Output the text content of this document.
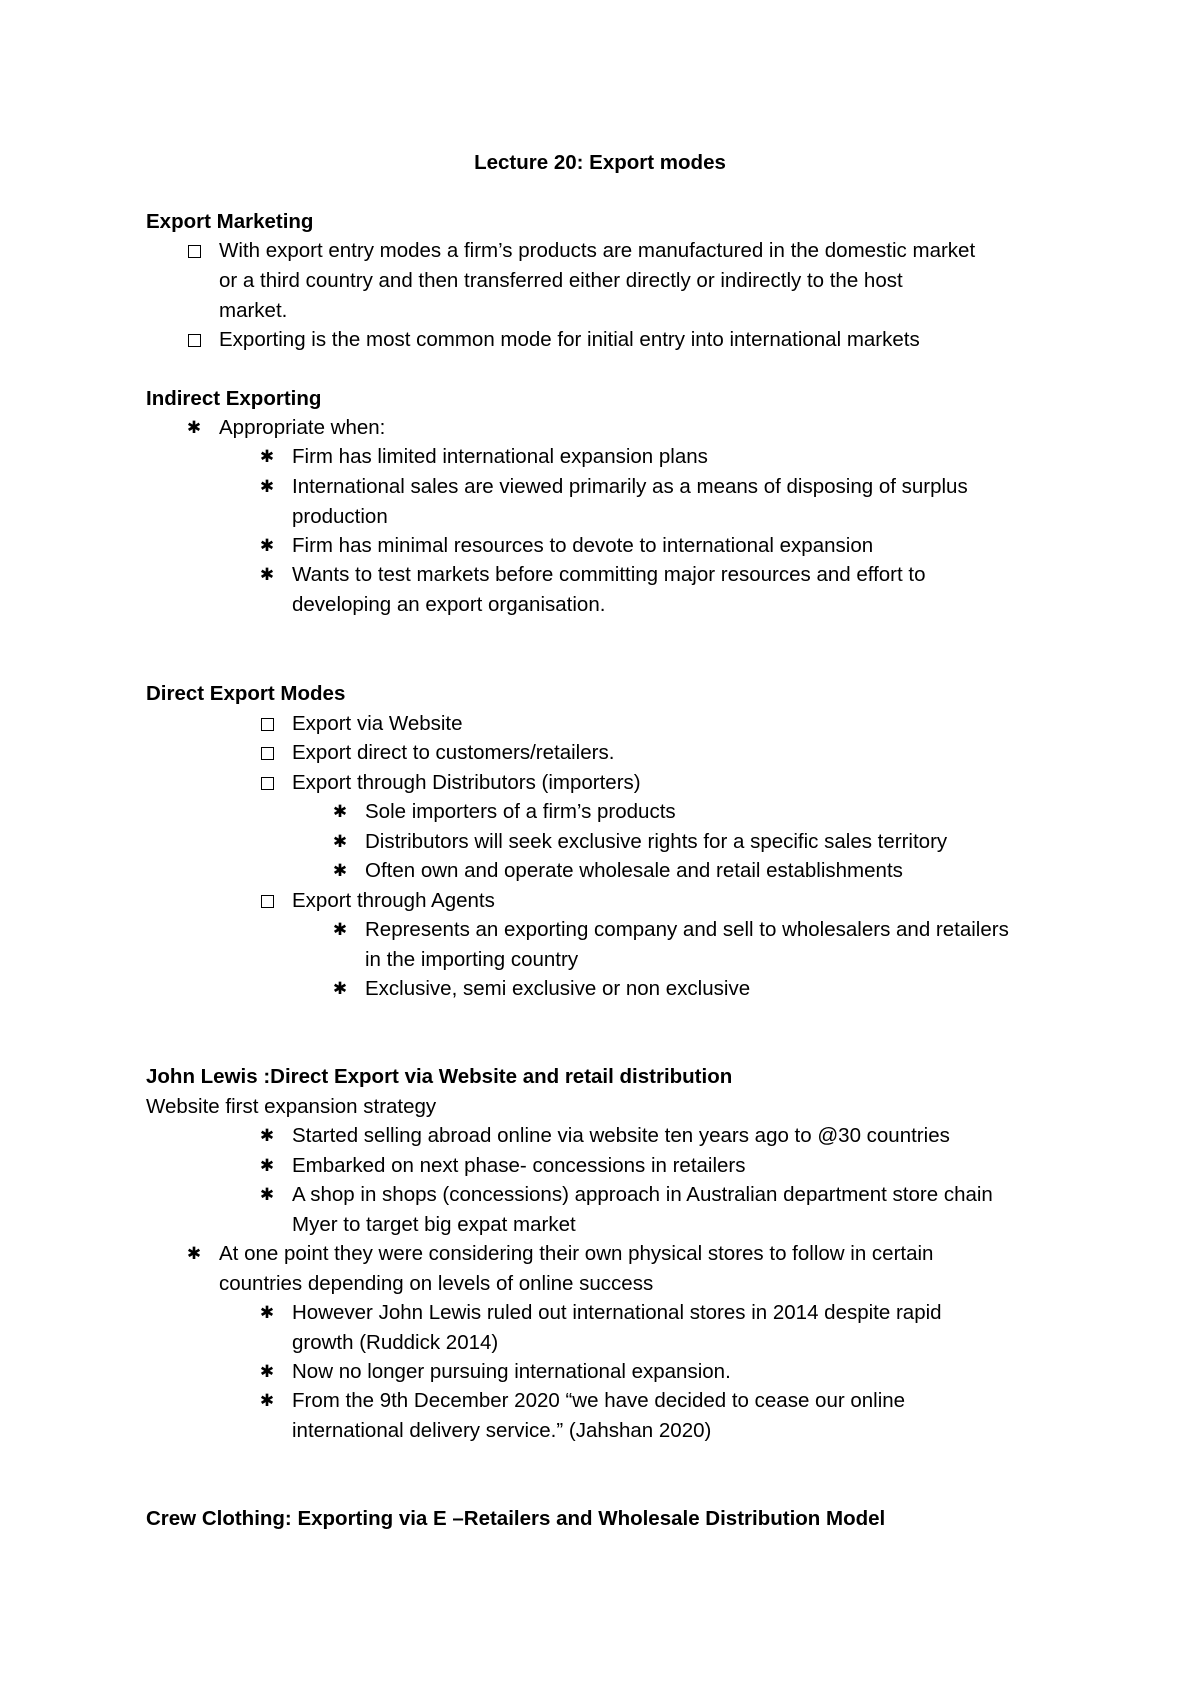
Lecture 20: Export modes
Export Marketing
With export entry modes a firm’s products are manufactured in the domestic market
or a third country and then transferred either directly or indirectly to the host
market.
Exporting is the most common mode for initial entry into international markets
Indirect Exporting
✱ Appropriate when:
✱ Firm has limited international expansion plans
✱ International sales are viewed primarily as a means of disposing of surplus
production
✱ Firm has minimal resources to devote to international expansion
✱ Wants to test markets before committing major resources and effort to
developing an export organisation.
Direct Export Modes
Export via Website
Export direct to customers/retailers.
Export through Distributors (importers)
✱ Sole importers of a firm’s products
✱ Distributors will seek exclusive rights for a specific sales territory
✱ Often own and operate wholesale and retail establishments
Export through Agents
✱ Represents an exporting company and sell to wholesalers and retailers
in the importing country
✱ Exclusive, semi exclusive or non exclusive
John Lewis :Direct Export via Website and retail distribution
Website first expansion strategy
✱ Started selling abroad online via website ten years ago to @30 countries
✱ Embarked on next phase- concessions in retailers
✱ A shop in shops (concessions) approach in Australian department store chain
Myer to target big expat market
✱ At one point they were considering their own physical stores to follow in certain
countries depending on levels of online success
✱ However John Lewis ruled out international stores in 2014 despite rapid
growth (Ruddick 2014)
✱ Now no longer pursuing international expansion.
✱ From the 9th December 2020 “we have decided to cease our online
international delivery service.” (Jahshan 2020)
Crew Clothing: Exporting via E –Retailers and Wholesale Distribution Model
